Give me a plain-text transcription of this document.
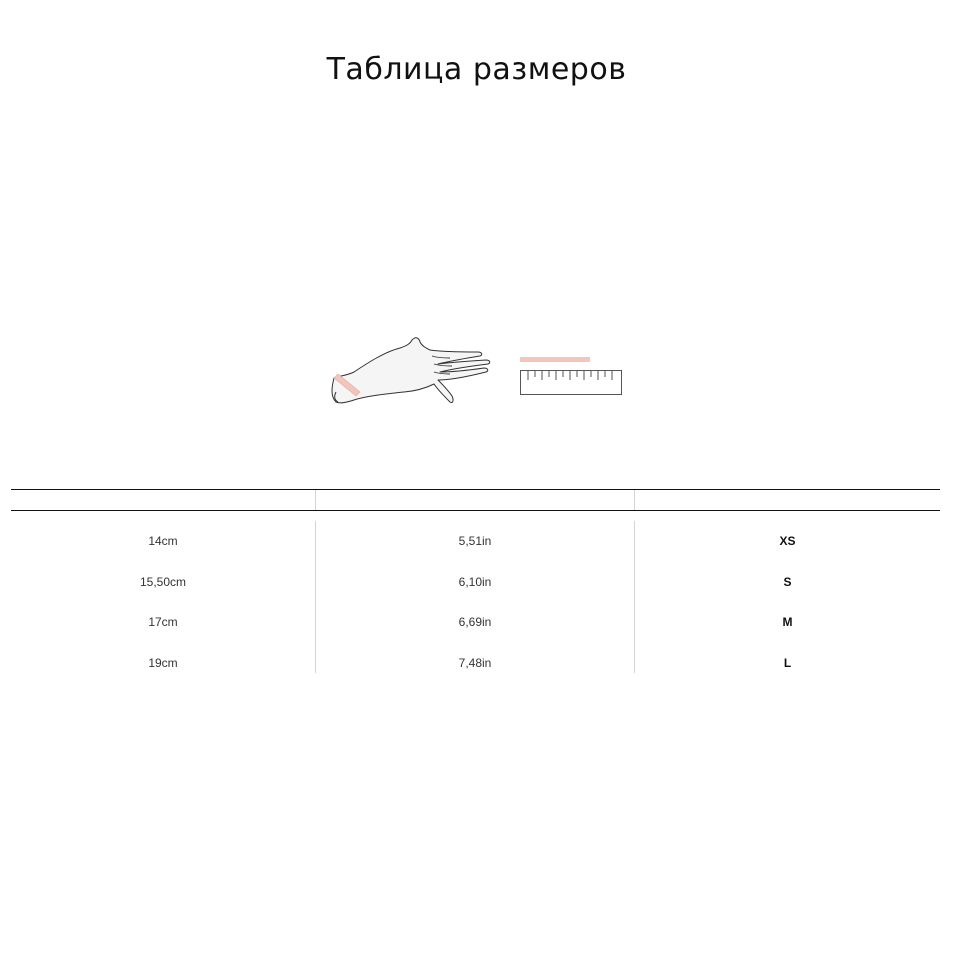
Таблица размеров
14cm
15,50cm
17cm
19cm
5,51in
6,10in
6,69in
7,48in
XS
S
M
L
